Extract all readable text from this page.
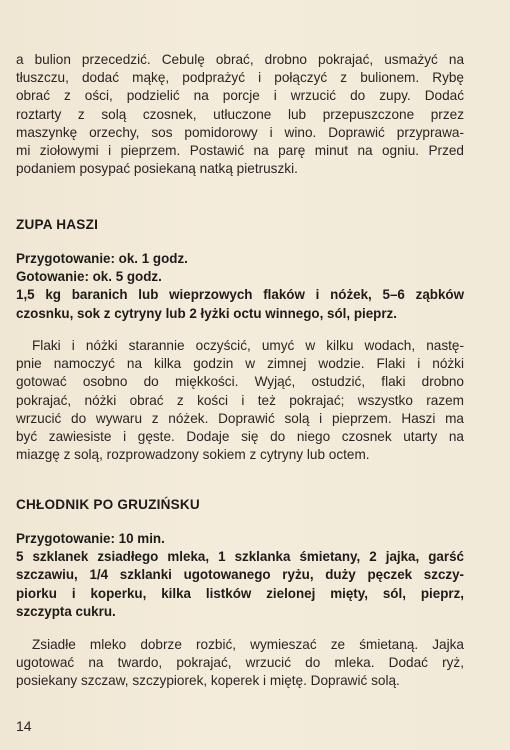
a bulion przecedzić. Cebulę obrać, drobno pokrajać, usmażyć na
tłuszczu, dodać mąkę, podprażyć i połączyć z bulionem. Rybę
obrać z ości, podzielić na porcje i wrzucić do zupy. Dodać
roztarty z solą czosnek, utłuczone lub przepuszczone przez
maszynkę orzechy, sos pomidorowy i wino. Doprawić przyprawa-
mi ziołowymi i pieprzem. Postawić na parę minut na ogniu. Przed
podaniem posypać posiekaną natką pietruszki.
ZUPA HASZI
Przygotowanie: ok. 1 godz.
Gotowanie: ok. 5 godz.
1,5 kg baranich lub wieprzowych flaków i nóżek, 5–6 ząbków
czosnku, sok z cytryny lub 2 łyżki octu winnego, sól, pieprz.
Flaki i nóżki starannie oczyścić, umyć w kilku wodach, nastę-
pnie namoczyć na kilka godzin w zimnej wodzie. Flaki i nóżki
gotować osobno do miękkości. Wyjąć, ostudzić, flaki drobno
pokrajać, nóżki obrać z kości i też pokrajać; wszystko razem
wrzucić do wywaru z nóżek. Doprawić solą i pieprzem. Haszi ma
być zawiesiste i gęste. Dodaje się do niego czosnek utarty na
miazgę z solą, rozprowadzony sokiem z cytryny lub octem.
CHŁODNIK PO GRUZIŃSKU
Przygotowanie: 10 min.
5 szklanek zsiadłego mleka, 1 szklanka śmietany, 2 jajka, garść
szczawiu, 1/4 szklanki ugotowanego ryżu, duży pęczek szczy-
piorku i koperku, kilka listków zielonej mięty, sól, pieprz,
szczypta cukru.
Zsiadłe mleko dobrze rozbić, wymieszać ze śmietaną. Jajka
ugotować na twardo, pokrajać, wrzucić do mleka. Dodać ryż,
posiekany szczaw, szczypiorek, koperek i miętę. Doprawić solą.
14
